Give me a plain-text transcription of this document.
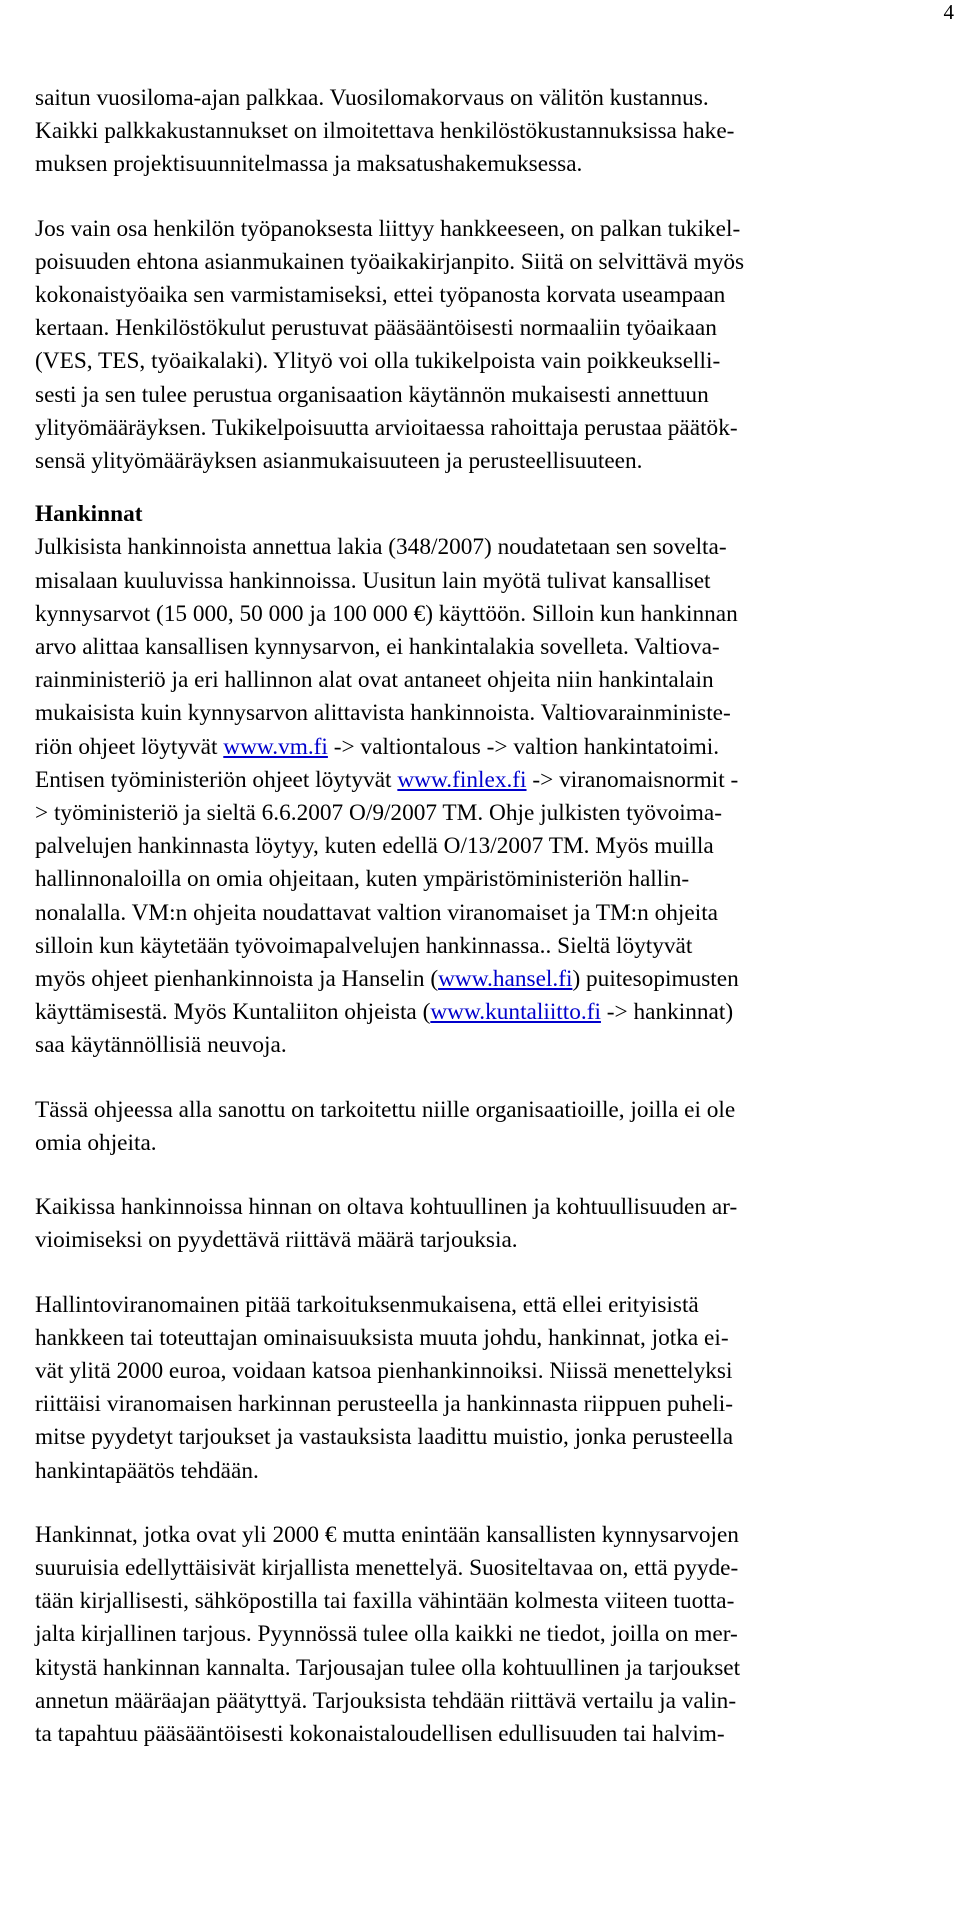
4

saitun vuosiloma-ajan palkkaa. Vuosilomakorvaus on välitön kustannus.
Kaikki palkkakustannukset on ilmoitettava henkilöstökustannuksissa hake-
muksen projektisuunnitelmassa ja maksatushakemuksessa.

Jos vain osa henkilön työpanoksesta liittyy hankkeeseen, on palkan tukikel-
poisuuden ehtona asianmukainen työaikakirjanpito. Siitä on selvittävä myös
kokonaistyöaika sen varmistamiseksi, ettei työpanosta korvata useampaan
kertaan. Henkilöstökulut perustuvat pääsääntöisesti normaaliin työaikaan
(VES, TES, työaikalaki). Ylityö voi olla tukikelpoista vain poikkeukselli-
sesti ja sen tulee perustua organisaation käytännön mukaisesti annettuun
ylityömääräyksen. Tukikelpoisuutta arvioitaessa rahoittaja perustaa päätök-
sensä ylityömääräyksen asianmukaisuuteen ja perusteellisuuteen.

Hankinnat

Julkisista hankinnoista annettua lakia (348/2007) noudatetaan sen sovelta-
misalaan kuuluvissa hankinnoissa. Uusitun lain myötä tulivat kansalliset
kynnysarvot (15 000, 50 000 ja 100 000 €) käyttöön. Silloin kun hankinnan
arvo alittaa kansallisen kynnysarvon, ei hankintalakia sovelleta. Valtiova-
rainministeriö ja eri hallinnon alat ovat antaneet ohjeita niin hankintalain
mukaisista kuin kynnysarvon alittavista hankinnoista. Valtiovarainministe-
riön ohjeet löytyvät www.vm.fi -> valtiontalous -> valtion hankintatoimi.
Entisen työministeriön ohjeet löytyvät www.finlex.fi -> viranomaisnormit -
> työministeriö ja sieltä 6.6.2007 O/9/2007 TM. Ohje julkisten työvoima-
palvelujen hankinnasta löytyy, kuten edellä O/13/2007 TM. Myös muilla
hallinnonaloilla on omia ohjeitaan, kuten ympäristöministeriön hallin-
nonalalla. VM:n ohjeita noudattavat valtion viranomaiset ja TM:n ohjeita
silloin kun käytetään työvoimapalvelujen hankinnassa.. Sieltä löytyvät
myös ohjeet pienhankinnoista ja Hanselin (www.hansel.fi) puitesopimusten
käyttämisestä. Myös Kuntaliiton ohjeista (www.kuntaliitto.fi -> hankinnat)
saa käytännöllisiä neuvoja.

Tässä ohjeessa alla sanottu on tarkoitettu niille organisaatioille, joilla ei ole
omia ohjeita.

Kaikissa hankinnoissa hinnan on oltava kohtuullinen ja kohtuullisuuden ar-
vioimiseksi on pyydettävä riittävä määrä tarjouksia.

Hallintoviranomainen pitää tarkoituksenmukaisena, että ellei erityisistä
hankkeen tai toteuttajan ominaisuuksista muuta johdu, hankinnat, jotka ei-
vät ylitä 2000 euroa, voidaan katsoa pienhankinnoiksi. Niissä menettelyksi
riittäisi viranomaisen harkinnan perusteella ja hankinnasta riippuen puheli-
mitse pyydetyt tarjoukset ja vastauksista laadittu muistio, jonka perusteella
hankintapäätös tehdään.

Hankinnat, jotka ovat yli 2000 € mutta enintään kansallisten kynnysarvojen
suuruisia edellyttäisivät kirjallista menettelyä. Suositeltavaa on, että pyyde-
tään kirjallisesti, sähköpostilla tai faxilla vähintään kolmesta viiteen tuotta-
jalta kirjallinen tarjous. Pyynnössä tulee olla kaikki ne tiedot, joilla on mer-
kitystä hankinnan kannalta. Tarjousajan tulee olla kohtuullinen ja tarjoukset
annetun määräajan päätyttyä. Tarjouksista tehdään riittävä vertailu ja valin-
ta tapahtuu pääsääntöisesti kokonaistaloudellisen edullisuuden tai halvim-
